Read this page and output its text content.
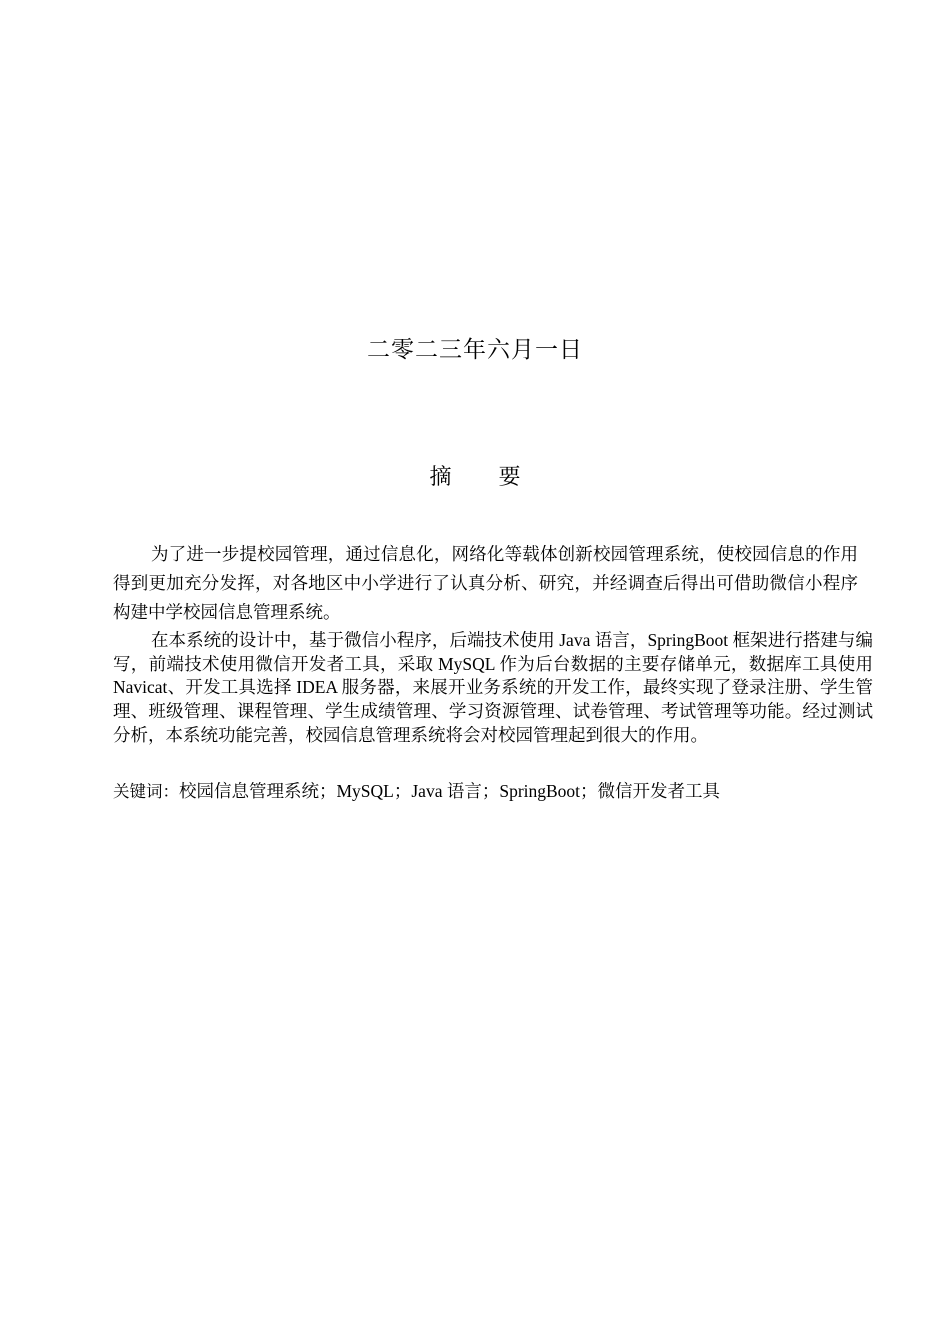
二零二三年六月一日
摘 要

为了进一步提校园管理，通过信息化，网络化等载体创新校园管理系统，使校园信息的作用得到更加充分发挥，对各地区中小学进行了认真分析、研究，并经调查后得出可借助微信小程序构建中学校园信息管理系统。

在本系统的设计中，基于微信小程序，后端技术使用 Java 语言，SpringBoot 框架进行搭建与编写，前端技术使用微信开发者工具，采取 MySQL 作为后台数据的主要存储单元，数据库工具使用 Navicat、开发工具选择 IDEA 服务器，来展开业务系统的开发工作，最终实现了登录注册、学生管理、班级管理、课程管理、学生成绩管理、学习资源管理、试卷管理、考试管理等功能。经过测试分析，本系统功能完善，校园信息管理系统将会对校园管理起到很大的作用。

关键词：校园信息管理系统；MySQL；Java 语言；SpringBoot；微信开发者工具
